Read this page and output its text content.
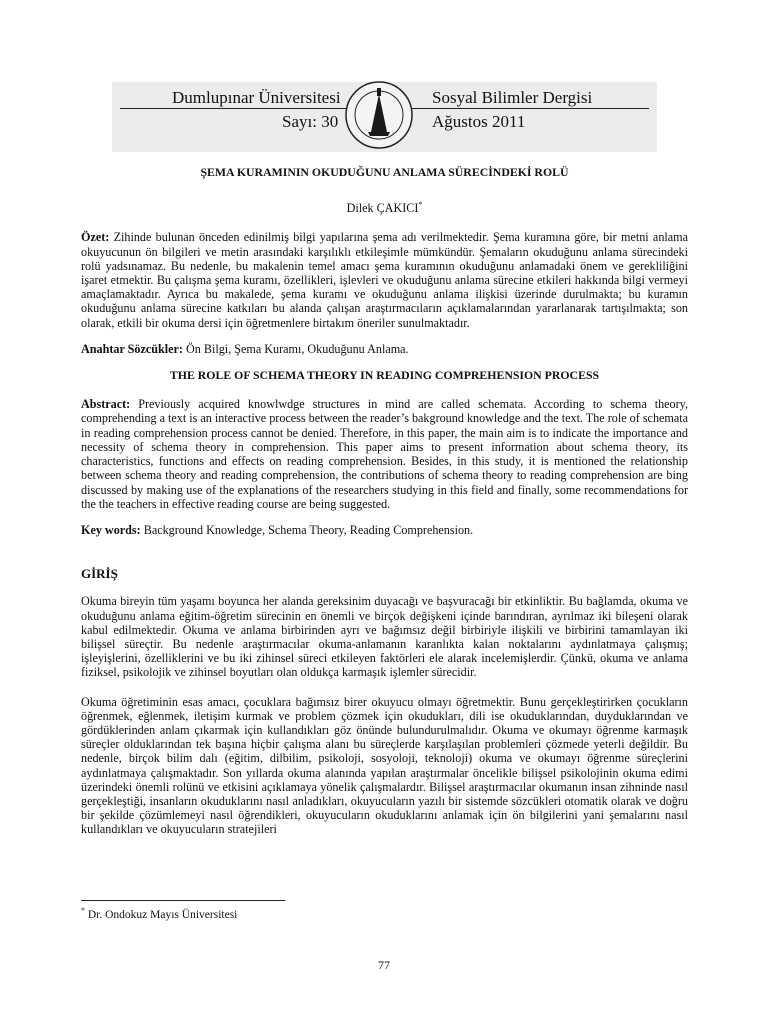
Dumlupınar Üniversitesi	Sosyal Bilimler Dergisi
Sayı: 30	Ağustos 2011
ŞEMA KURAMININ OKUDUĞUNU ANLAMA SÜRECİNDEKİ ROLÜ
Dilek ÇAKICI*

Özet: Zihinde bulunan önceden edinilmiş bilgi yapılarına şema adı verilmektedir. Şema kuramına göre, bir metni anlama okuyucunun ön bilgileri ve metin arasındaki karşılıklı etkileşimle mümkündür. Şemaların okuduğunu anlama sürecindeki rolü yadsınamaz. Bu nedenle, bu makalenin temel amacı şema kuramının okuduğunu anlamadaki önem ve gerekliliğini işaret etmektir. Bu çalışma şema kuramı, özellikleri, işlevleri ve okuduğunu anlama sürecine etkileri hakkında bilgi vermeyi amaçlamaktadır. Ayrıca bu makalede, şema kuramı ve okuduğunu anlama ilişkisi üzerinde durulmakta; bu kuramın okuduğunu anlama sürecine katkıları bu alanda çalışan araştırmacıların açıklamalarından yararlanarak tartışılmakta; son olarak, etkili bir okuma dersi için öğretmenlere birtakım öneriler sunulmaktadır.

Anahtar Sözcükler: Ön Bilgi, Şema Kuramı, Okuduğunu Anlama.

THE ROLE OF SCHEMA THEORY IN READING COMPREHENSION PROCESS

Abstract: Previously acquired knowlwdge structures in mind are called schemata. According to schema theory, comprehending a text is an interactive process between the reader’s bakground knowledge and the text. The role of schemata in reading comprehension process cannot be denied. Therefore, in this paper, the main aim is to indicate the importance and necessity of schema theory in comprehension. This paper aims to present information about schema theory, its characteristics, functions and effects on reading comprehension. Besides, in this study, it is mentioned the relationship between schema theory and reading comprehension, the contributions of schema theory to reading comprehension are bing discussed by making use of the explanations of the researchers studying in this field and finally, some recommendations for the the teachers in effective reading course are being suggested.

Key words: Background Knowledge, Schema Theory, Reading Comprehension.

GİRİŞ

Okuma bireyin tüm yaşamı boyunca her alanda gereksinim duyacağı ve başvuracağı bir etkinliktir. Bu bağlamda, okuma ve okuduğunu anlama eğitim-öğretim sürecinin en önemli ve birçok değişkeni içinde barındıran, ayrılmaz iki bileşeni olarak kabul edilmektedir. Okuma ve anlama birbirinden ayrı ve bağımsız değil birbiriyle ilişkili ve birbirini tamamlayan iki bilişsel süreçtir. Bu nedenle araştırmacılar okuma-anlamanın karanlıkta kalan noktalarını aydınlatmaya çalışmış; işleyişlerini, özelliklerini ve bu iki zihinsel süreci etkileyen faktörleri ele alarak incelemişlerdir. Çünkü, okuma ve anlama fiziksel, psikolojik ve zihinsel boyutları olan oldukça karmaşık işlemler sürecidir.

Okuma öğretiminin esas amacı, çocuklara bağımsız birer okuyucu olmayı öğretmektir. Bunu gerçekleştirirken çocukların öğrenmek, eğlenmek, iletişim kurmak ve problem çözmek için okudukları, dili ise okuduklarından, duyduklarından ve gördüklerinden anlam çıkarmak için kullandıkları göz önünde bulundurulmalıdır. Okuma ve okumayı öğrenme karmaşık süreçler olduklarından tek başına hiçbir çalışma alanı bu süreçlerde karşılaşılan problemleri çözmede yeterli değildir. Bu nedenle, birçok bilim dalı (eğitim, dilbilim, psikoloji, sosyoloji, teknoloji) okuma ve okumayı öğrenme süreçlerini aydınlatmaya çalışmaktadır. Son yıllarda okuma alanında yapılan araştırmalar öncelikle bilişsel psikolojinin okuma edimi üzerindeki önemli rolünü ve etkisini açıklamaya yönelik çalışmalardır. Bilişsel araştırmacılar okumanın insan zihninde nasıl gerçekleştiği, insanların okuduklarını nasıl anladıkları, okuyucuların yazılı bir sistemde sözcükleri otomatik olarak ve doğru bir şekilde çözümlemeyi nasıl öğrendikleri, okuyucuların okuduklarını anlamak için ön bilgilerini yani şemalarını nasıl kullandıkları ve okuyucuların stratejileri

* Dr. Ondokuz Mayıs Üniversitesi
77
